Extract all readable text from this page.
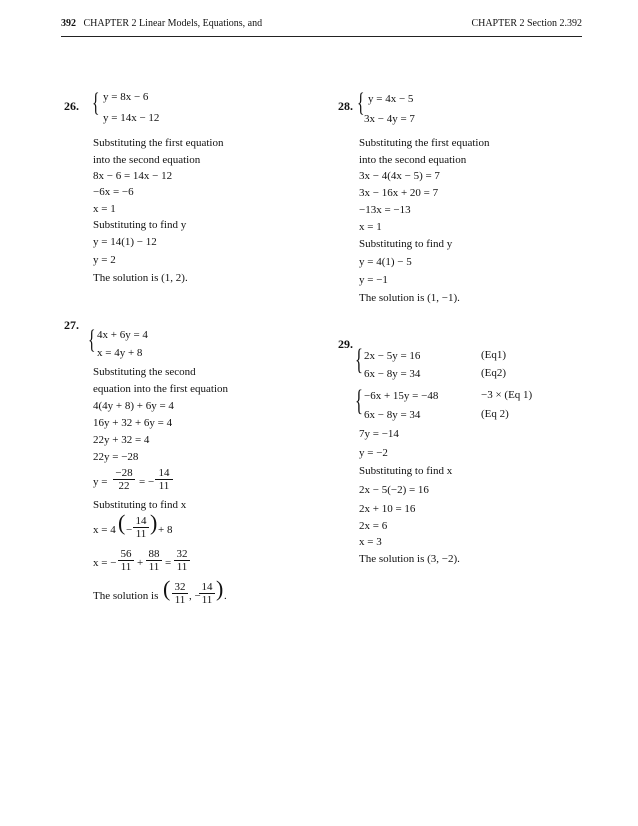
392 CHAPTER 2 Linear Models, Equations, and	CHAPTER 2 Section 2.392
26. { y = 8x − 6
y = 14x − 12
Substituting the first equation
into the second equation
8x − 6 = 14x − 12
−6x = −6
x = 1
Substituting to find y
y = 14(1) − 12
y = 2
The solution is (1, 2).
27. { 4x + 6y = 4
x = 4y + 8
Substituting the second
equation into the first equation
4(4y + 8) + 6y = 4
16y + 32 + 6y = 4
22y + 32 = 4
22y = −28
$y = \frac{-28}{22}$ = − $\frac{14}{11}$
Substituting to find x
x = 4 ( − $\frac{14}{11}$ ) + 8
x = − $\frac{56}{11} + \frac{88}{11} = \frac{32}{11}$
The solution is ( $\frac{32}{11}$ , −
$\frac{14}{11}$ ) .
28. { y = 4x − 5
3x − 4y = 7
Substituting the first equation
into the second equation
3x − 4(4x − 5) = 7
3x − 16x + 20 = 7
−13x = −13
x = 1
Substituting to find y
y = 4(1) − 5
y = −1
The solution is (1, −1).
29. { 2x − 5y = 16	(Eq1)
6x − 8y = 34	(Eq2)
{ −6x + 15y = −48	−3 × (Eq 1)
6x − 8y = 34	(Eq 2)
7y = −14
y = −2
Substituting to find x
2x − 5(−2) = 16
2x + 10 = 16
2x = 6
x = 3
The solution is (3, −2).
